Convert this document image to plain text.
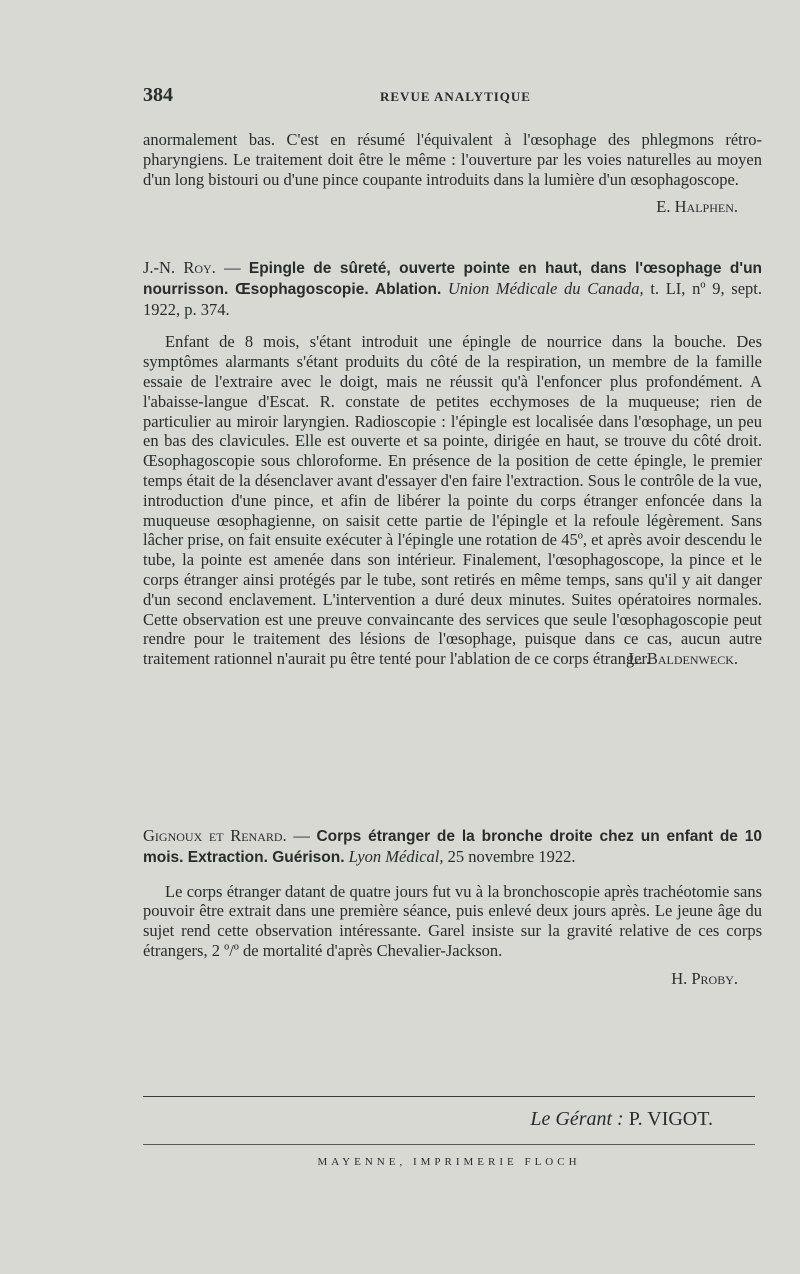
384	REVUE ANALYTIQUE

anormalement bas. C'est en résumé l'équivalent à l'œsophage des phlegmons rétro-pharyngiens. Le traitement doit être le même : l'ouverture par les voies naturelles au moyen d'un long bistouri ou d'une pince coupante introduits dans la lumière d'un œsophagoscope.

E. Halphen.

J.-N. Roy. — Epingle de sûreté, ouverte pointe en haut, dans l'œsophage d'un nourrisson. Œsophagoscopie. Ablation. Union Médicale du Canada, t. LI, nº 9, sept. 1922, p. 374.

Enfant de 8 mois, s'étant introduit une épingle de nourrice dans la bouche. Des symptômes alarmants s'étant produits du côté de la respiration, un membre de la famille essaie de l'extraire avec le doigt, mais ne réussit qu'à l'enfoncer plus profondément. A l'abaisse-langue d'Escat. R. constate de petites ecchymoses de la muqueuse; rien de particulier au miroir laryngien. Radioscopie : l'épingle est localisée dans l'œsophage, un peu en bas des clavicules. Elle est ouverte et sa pointe, dirigée en haut, se trouve du côté droit. Œsophagoscopie sous chloroforme. En présence de la position de cette épingle, le premier temps était de la désenclaver avant d'essayer d'en faire l'extraction. Sous le contrôle de la vue, introduction d'une pince, et afin de libérer la pointe du corps étranger enfoncée dans la muqueuse œsophagienne, on saisit cette partie de l'épingle et la refoule légèrement. Sans lâcher prise, on fait ensuite exécuter à l'épingle une rotation de 45º, et après avoir descendu le tube, la pointe est amenée dans son intérieur. Finalement, l'œsophagoscope, la pince et le corps étranger ainsi protégés par le tube, sont retirés en même temps, sans qu'il y ait danger d'un second enclavement. L'intervention a duré deux minutes. Suites opératoires normales. Cette observation est une preuve convaincante des services que seule l'œsophagoscopie peut rendre pour le traitement des lésions de l'œsophage, puisque dans ce cas, aucun autre traitement rationnel n'aurait pu être tenté pour l'ablation de ce corps étranger.

L. Baldenweck.

Gignoux et Renard. — Corps étranger de la bronche droite chez un enfant de 10 mois. Extraction. Guérison. Lyon Médical, 25 novembre 1922.

Le corps étranger datant de quatre jours fut vu à la bronchoscopie après trachéotomie sans pouvoir être extrait dans une première séance, puis enlevé deux jours après. Le jeune âge du sujet rend cette observation intéressante. Garel insiste sur la gravité relative de ces corps étrangers, 2 º/º de mortalité d'après Chevalier-Jackson.

H. Proby.
Le Gérant : P. VIGOT.
MAYENNE, IMPRIMERIE FLOCH
